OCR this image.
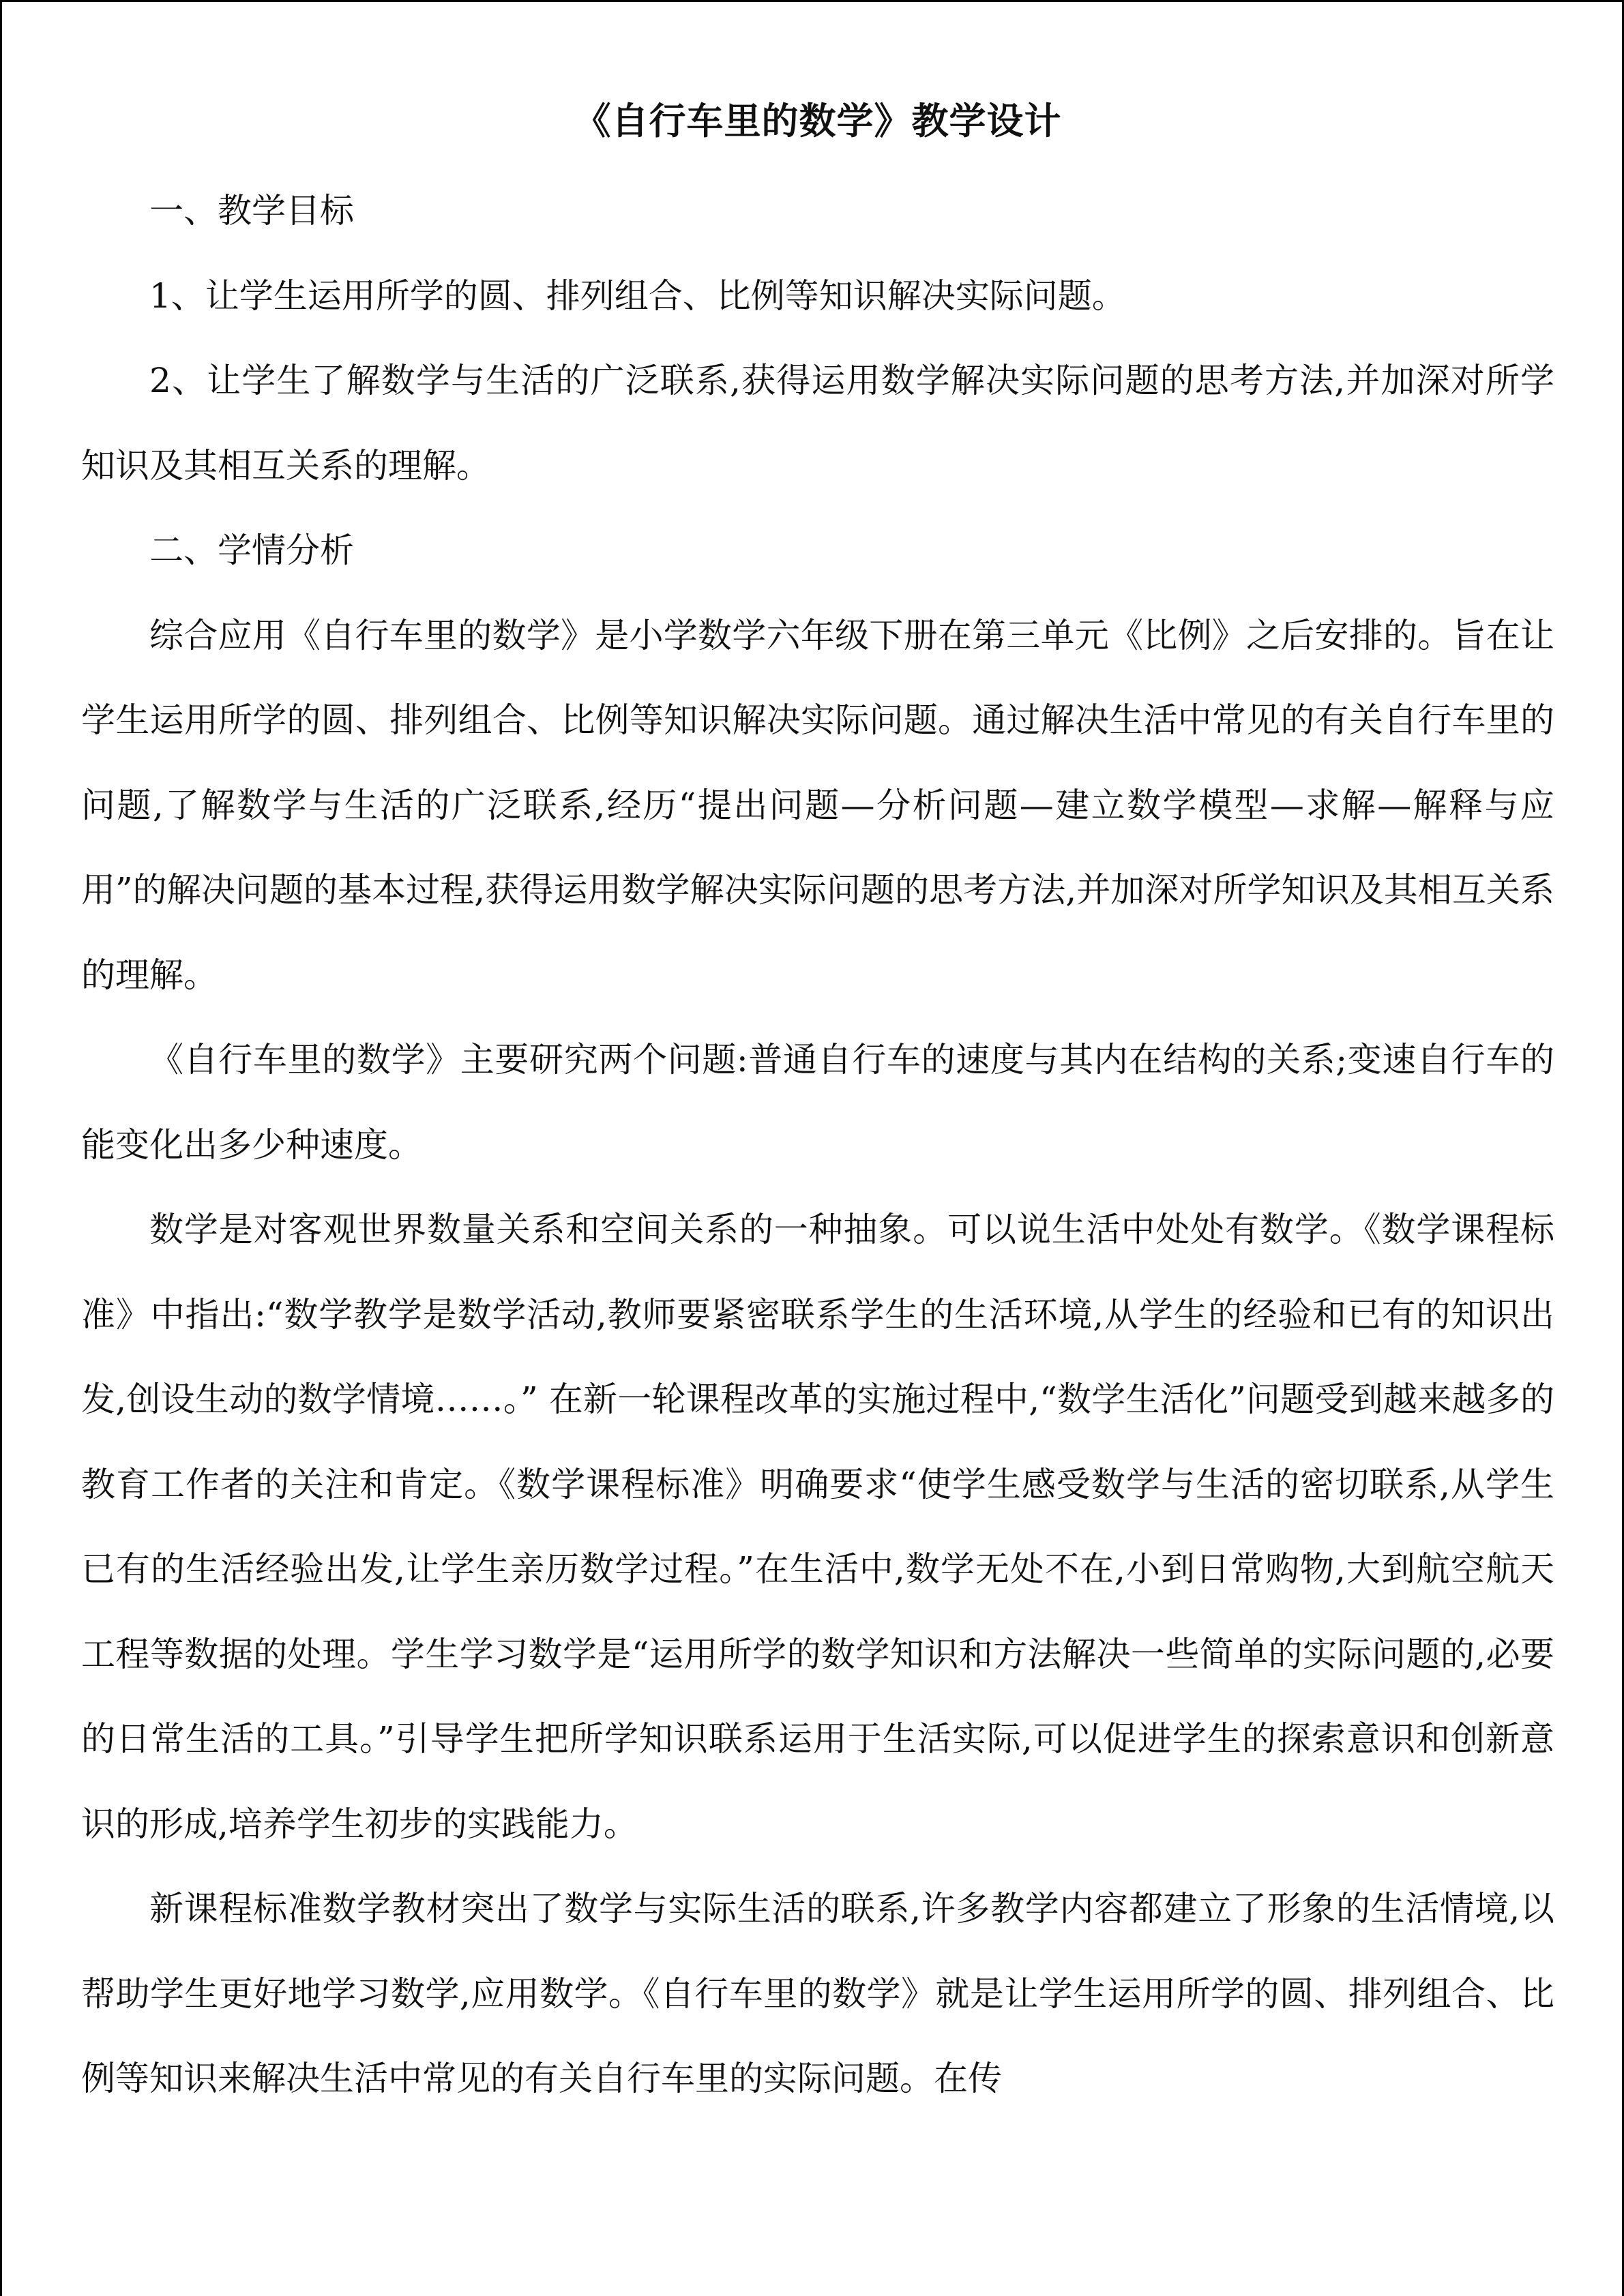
《自行车里的数学》教学设计

一、教学目标

1、让学生运用所学的圆、排列组合、比例等知识解决实际问题。

2、让学生了解数学与生活的广泛联系,获得运用数学解决实际问题的思考方法,并加深对所学知识及其相互关系的理解。

二、学情分析

综合应用《自行车里的数学》是小学数学六年级下册在第三单元《比例》之后安排的。旨在让学生运用所学的圆、排列组合、比例等知识解决实际问题。通过解决生活中常见的有关自行车里的问题,了解数学与生活的广泛联系,经历“提出问题—分析问题—建立数学模型—求解—解释与应用”的解决问题的基本过程,获得运用数学解决实际问题的思考方法,并加深对所学知识及其相互关系的理解。

《自行车里的数学》主要研究两个问题:普通自行车的速度与其内在结构的关系;变速自行车的能变化出多少种速度。

数学是对客观世界数量关系和空间关系的一种抽象。可以说生活中处处有数学。《数学课程标准》中指出:“数学教学是数学活动,教师要紧密联系学生的生活环境,从学生的经验和已有的知识出发,创设生动的数学情境……。” 在新一轮课程改革的实施过程中,“数学生活化”问题受到越来越多的教育工作者的关注和肯定。《数学课程标准》明确要求“使学生感受数学与生活的密切联系,从学生已有的生活经验出发,让学生亲历数学过程。”在生活中,数学无处不在,小到日常购物,大到航空航天工程等数据的处理。学生学习数学是“运用所学的数学知识和方法解决一些简单的实际问题的,必要的日常生活的工具。”引导学生把所学知识联系运用于生活实际,可以促进学生的探索意识和创新意识的形成,培养学生初步的实践能力。

新课程标准数学教材突出了数学与实际生活的联系,许多教学内容都建立了形象的生活情境,以帮助学生更好地学习数学,应用数学。《自行车里的数学》就是让学生运用所学的圆、排列组合、比例等知识来解决生活中常见的有关自行车里的实际问题。在传
